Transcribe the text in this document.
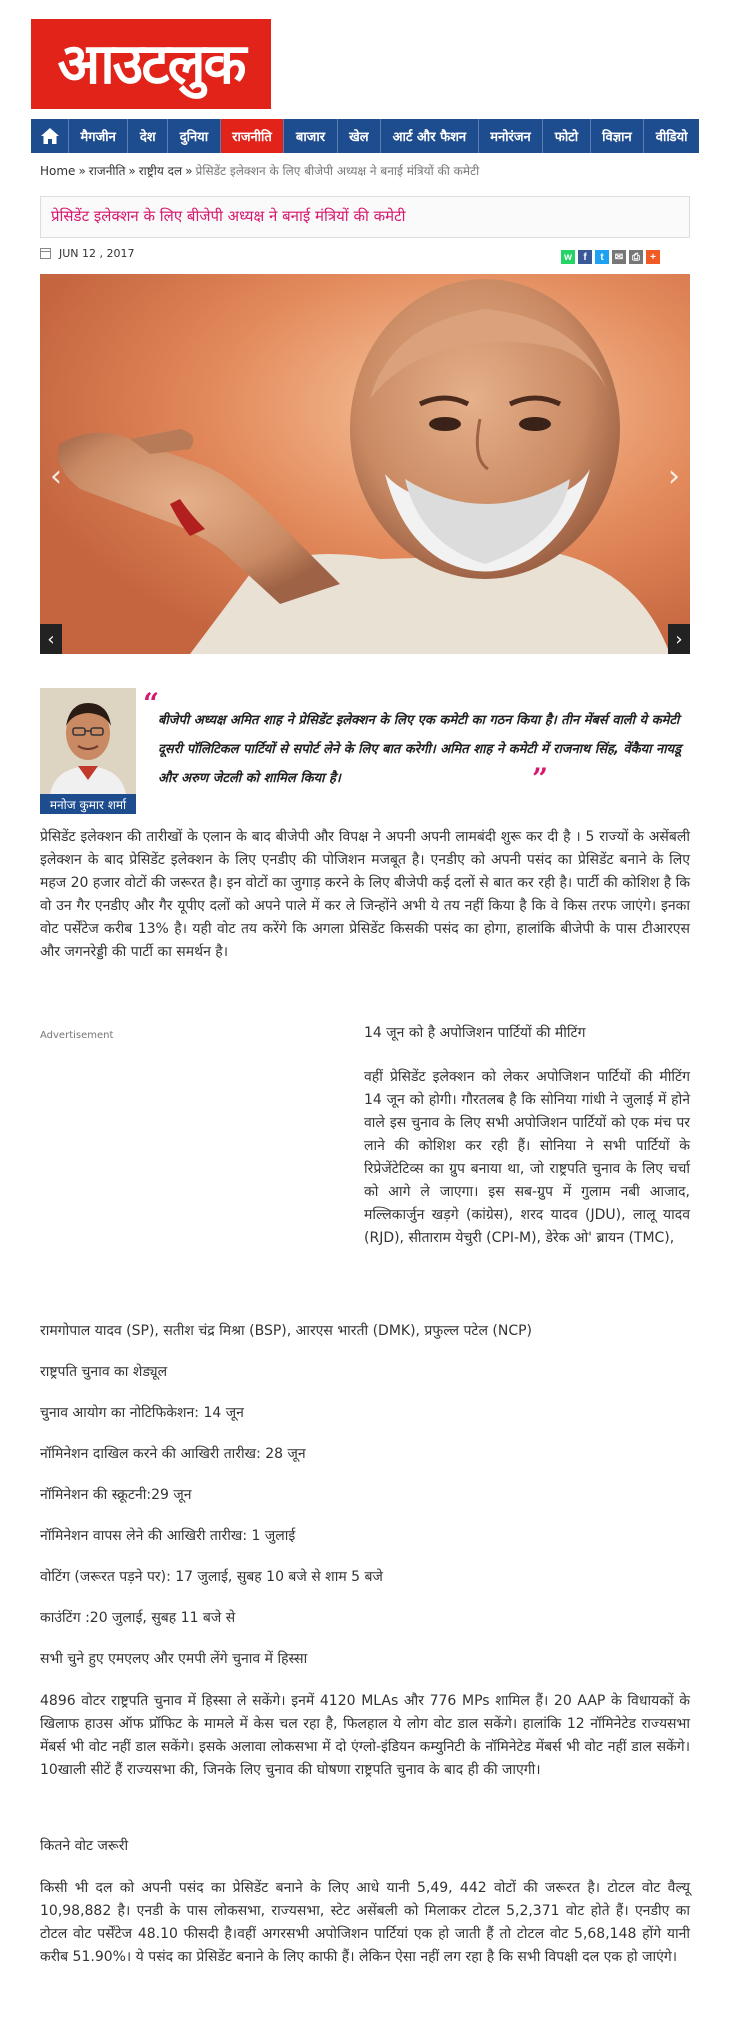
आउटलुक
मैगजीन	देश	दुनिया	राजनीति	बाजार	खेल	आर्ट और फैशन	मनोरंजन	फोटो	विज्ञान	वीडियो
Home » राजनीति » राष्ट्रीय दल » प्रेसिडेंट इलेक्शन के लिए बीजेपी अध्यक्ष ने बनाई मंत्रियों की कमेटी
प्रेसिडेंट इलेक्शन के लिए बीजेपी अध्यक्ष ने बनाई मंत्रियों की कमेटी
JUN 12 , 2017	w	f	t	✉ ⎙	+
‹	›
‹	›
मनोज कुमार शर्मा
“
बीजेपी अध्यक्ष अमित शाह ने प्रेसिडेंट इलेक्शन के लिए एक कमेटी का गठन किया है। तीन मेंबर्स वाली ये कमेटी दूसरी पॉलिटिकल पार्टियों से सपोर्ट लेने के लिए बात करेगी। अमित शाह ने कमेटी में राजनाथ सिंह, वेंकैया नायडू और अरुण जेटली को शामिल किया है।	”

प्रेसिडेंट इलेक्शन की तारीखों के एलान के बाद बीजेपी और विपक्ष ने अपनी अपनी लामबंदी शुरू कर दी है । 5 राज्यों के असेंबली इलेक्शन के बाद प्रेसिडेंट इलेक्शन के लिए एनडीए की पोजिशन मजबूत है। एनडीए को अपनी पसंद का प्रेसिडेंट बनाने के लिए महज 20 हजार वोटों की जरूरत है। इन वोटों का जुगाड़ करने के लिए बीजेपी कई दलों से बात कर रही है। पार्टी की कोशिश है कि वो उन गैर एनडीए और गैर यूपीए दलों को अपने पाले में कर ले जिन्होंने अभी ये तय नहीं किया है कि वे किस तरफ जाएंगे। इनका वोट पर्सेंटेज करीब 13% है। यही वोट तय करेंगे कि अगला प्रेसिडेंट किसकी पसंद का होगा, हालांकि बीजेपी के पास टीआरएस और जगनरेड्डी की पार्टी का समर्थन है।

Advertisement	14 जून को है अपोजिशन पार्टियों की मीटिंग

वहीं प्रेसिडेंट इलेक्शन को लेकर अपोजिशन पार्टियों की मीटिंग 14 जून को होगी। गौरतलब है कि सोनिया गांधी ने जुलाई में होने वाले इस चुनाव के लिए सभी अपोजिशन पार्टियों को एक मंच पर लाने की कोशिश कर रही हैं। सोनिया ने सभी पार्टियों के रिप्रेजेंटेटिव्स का ग्रुप बनाया था, जो राष्ट्रपति चुनाव के लिए चर्चा को आगे ले जाएगा। इस सब-ग्रुप में गुलाम नबी आजाद, मल्लिकार्जुन खड़गे (कांग्रेस), शरद यादव (JDU), लालू यादव (RJD), सीताराम येचुरी (CPI-M), डेरेक ओ' ब्रायन (TMC),

रामगोपाल यादव (SP), सतीश चंद्र मिश्रा (BSP), आरएस भारती (DMK), प्रफुल्ल पटेल (NCP)

राष्ट्रपति चुनाव का शेड्यूल
चुनाव आयोग का नोटिफिकेशन: 14 जून
नॉमिनेशन दाखिल करने की आखिरी तारीख: 28 जून
नॉमिनेशन की स्क्रूटनी:29 जून
नॉमिनेशन वापस लेने की आखिरी तारीख: 1 जुलाई
वोटिंग (जरूरत पड़ने पर): 17 जुलाई, सुबह 10 बजे से शाम 5 बजे
काउंटिंग :20 जुलाई, सुबह 11 बजे से
सभी चुने हुए एमएलए और एमपी लेंगे चुनाव में हिस्सा

4896 वोटर राष्ट्रपति चुनाव में हिस्सा ले सकेंगे। इनमें 4120 MLAs और 776 MPs शामिल हैं। 20 AAP के विधायकों के खिलाफ हाउस ऑफ प्रॉफिट के मामले में केस चल रहा है, फिलहाल ये लोग वोट डाल सकेंगे। हालांकि 12 नॉमिनेटेड राज्यसभा मेंबर्स भी वोट नहीं डाल सकेंगे। इसके अलावा लोकसभा में दो एंग्लो-इंडियन कम्युनिटी के नॉमिनेटेड मेंबर्स भी वोट नहीं डाल सकेंगे।10खाली सीटें हैं राज्यसभा की, जिनके लिए चुनाव की घोषणा राष्ट्रपति चुनाव के बाद ही की जाएगी।

कितने वोट जरूरी

किसी भी दल को अपनी पसंद का प्रेसिडेंट बनाने के लिए आधे यानी 5,49, 442 वोटों की जरूरत है। टोटल वोट वैल्यू 10,98,882 है। एनडी के पास लोकसभा, राज्यसभा, स्टेट असेंबली को मिलाकर टोटल 5,2,371 वोट होते हैं। एनडीए का टोटल वोट पर्सेंटेज 48.10 फीसदी है।वहीं अगरसभी अपोजिशन पार्टियां एक हो जाती हैं तो टोटल वोट 5,68,148 होंगे यानी करीब 51.90%। ये पसंद का प्रेसिडेंट बनाने के लिए काफी हैं। लेकिन ऐसा नहीं लग रहा है कि सभी विपक्षी दल एक हो जाएंगे।
